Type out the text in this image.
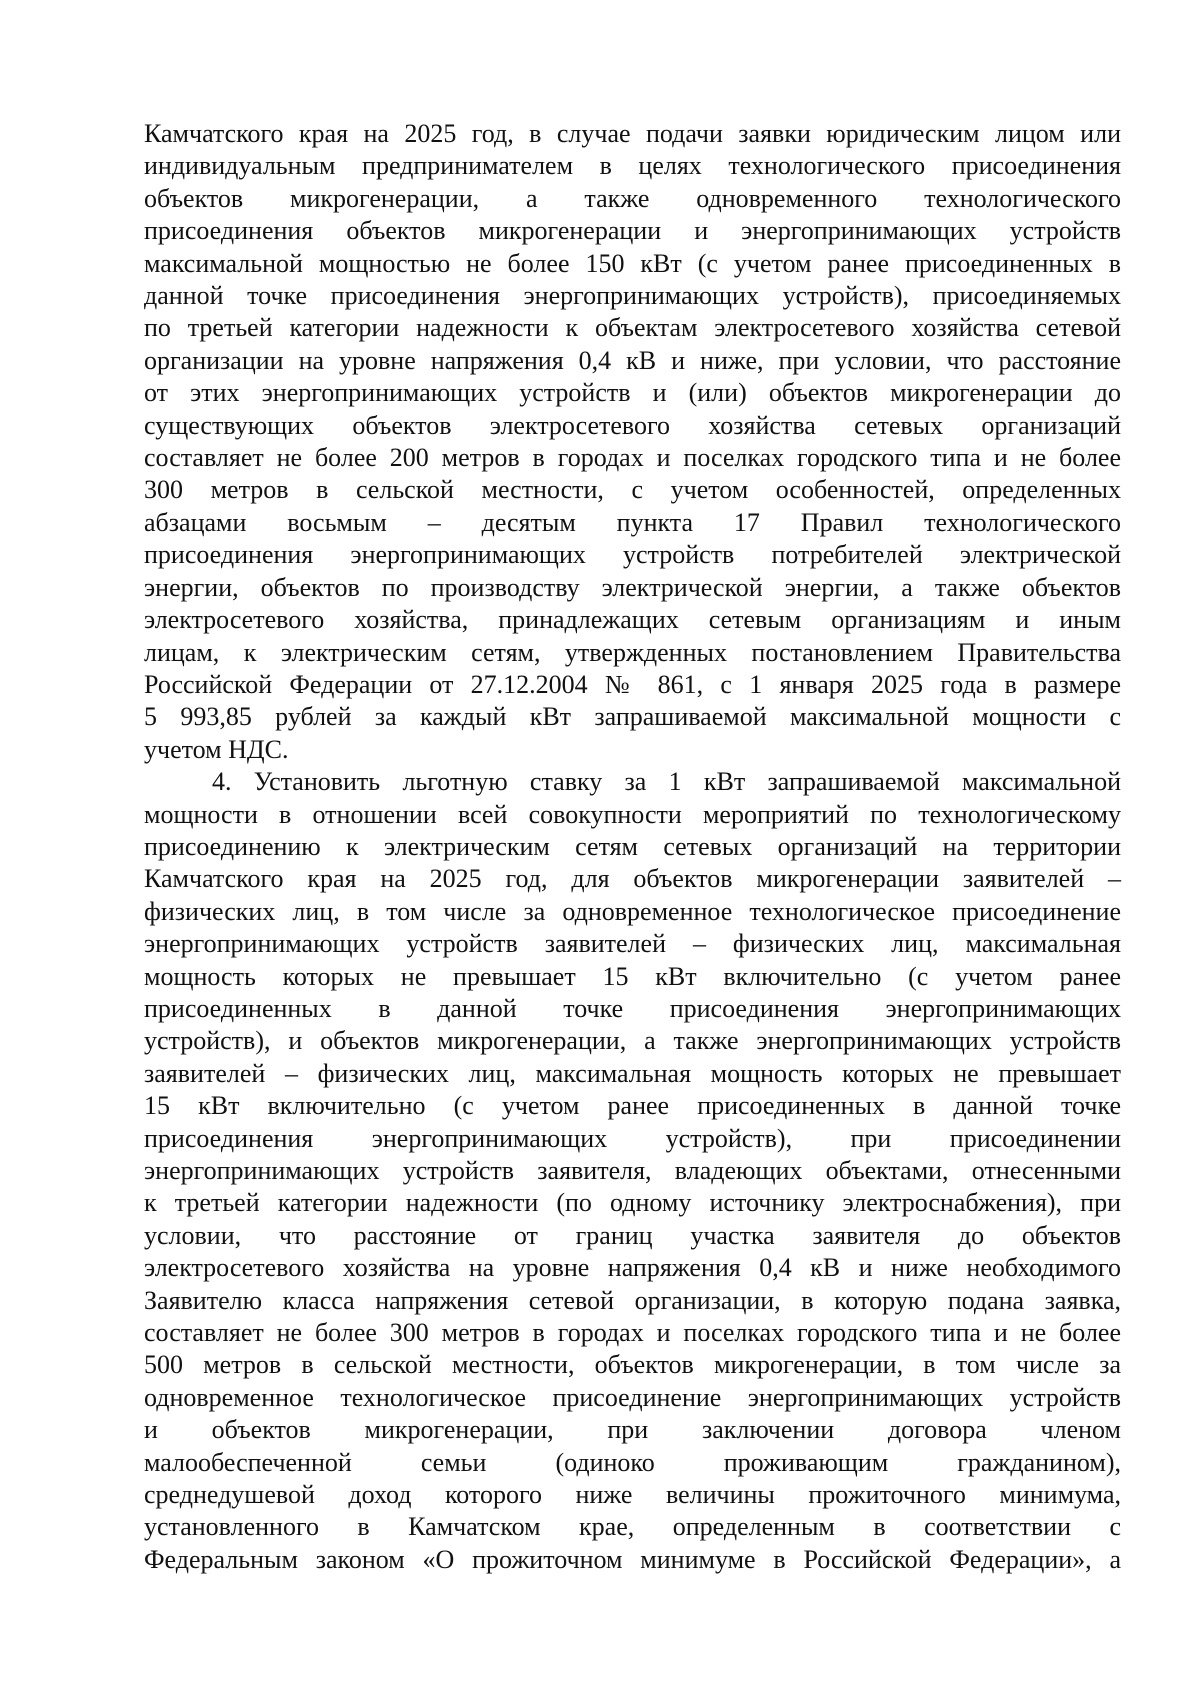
Камчатского края на 2025 год, в случае подачи заявки юридическим лицом или
индивидуальным предпринимателем в целях технологического присоединения
объектов микрогенерации, а также одновременного технологического
присоединения объектов микрогенерации и энергопринимающих устройств
максимальной мощностью не более 150 кВт (с учетом ранее присоединенных в
данной точке присоединения энергопринимающих устройств), присоединяемых
по третьей категории надежности к объектам электросетевого хозяйства сетевой
организации на уровне напряжения 0,4 кВ и ниже, при условии, что расстояние
от этих энергопринимающих устройств и (или) объектов микрогенерации до
существующих объектов электросетевого хозяйства сетевых организаций
составляет не более 200 метров в городах и поселках городского типа и не более
300 метров в сельской местности, с учетом особенностей, определенных
абзацами восьмым – десятым пункта 17 Правил технологического
присоединения энергопринимающих устройств потребителей электрической
энергии, объектов по производству электрической энергии, а также объектов
электросетевого хозяйства, принадлежащих сетевым организациям и иным
лицам, к электрическим сетям, утвержденных постановлением Правительства
Российской Федерации от 27.12.2004 № 861, с 1 января 2025 года в размере
5 993,85 рублей за каждый кВт запрашиваемой максимальной мощности с
учетом НДС.
4. Установить льготную ставку за 1 кВт запрашиваемой максимальной
мощности в отношении всей совокупности мероприятий по технологическому
присоединению к электрическим сетям сетевых организаций на территории
Камчатского края на 2025 год, для объектов микрогенерации заявителей –
физических лиц, в том числе за одновременное технологическое присоединение
энергопринимающих устройств заявителей – физических лиц, максимальная
мощность которых не превышает 15 кВт включительно (с учетом ранее
присоединенных в данной точке присоединения энергопринимающих
устройств), и объектов микрогенерации, а также энергопринимающих устройств
заявителей – физических лиц, максимальная мощность которых не превышает
15 кВт включительно (с учетом ранее присоединенных в данной точке
присоединения энергопринимающих устройств), при присоединении
энергопринимающих устройств заявителя, владеющих объектами, отнесенными
к третьей категории надежности (по одному источнику электроснабжения), при
условии, что расстояние от границ участка заявителя до объектов
электросетевого хозяйства на уровне напряжения 0,4 кВ и ниже необходимого
Заявителю класса напряжения сетевой организации, в которую подана заявка,
составляет не более 300 метров в городах и поселках городского типа и не более
500 метров в сельской местности, объектов микрогенерации, в том числе за
одновременное технологическое присоединение энергопринимающих устройств
и объектов микрогенерации, при заключении договора членом
малообеспеченной семьи (одиноко проживающим гражданином),
среднедушевой доход которого ниже величины прожиточного минимума,
установленного в Камчатском крае, определенным в соответствии с
Федеральным законом «О прожиточном минимуме в Российской Федерации», а
